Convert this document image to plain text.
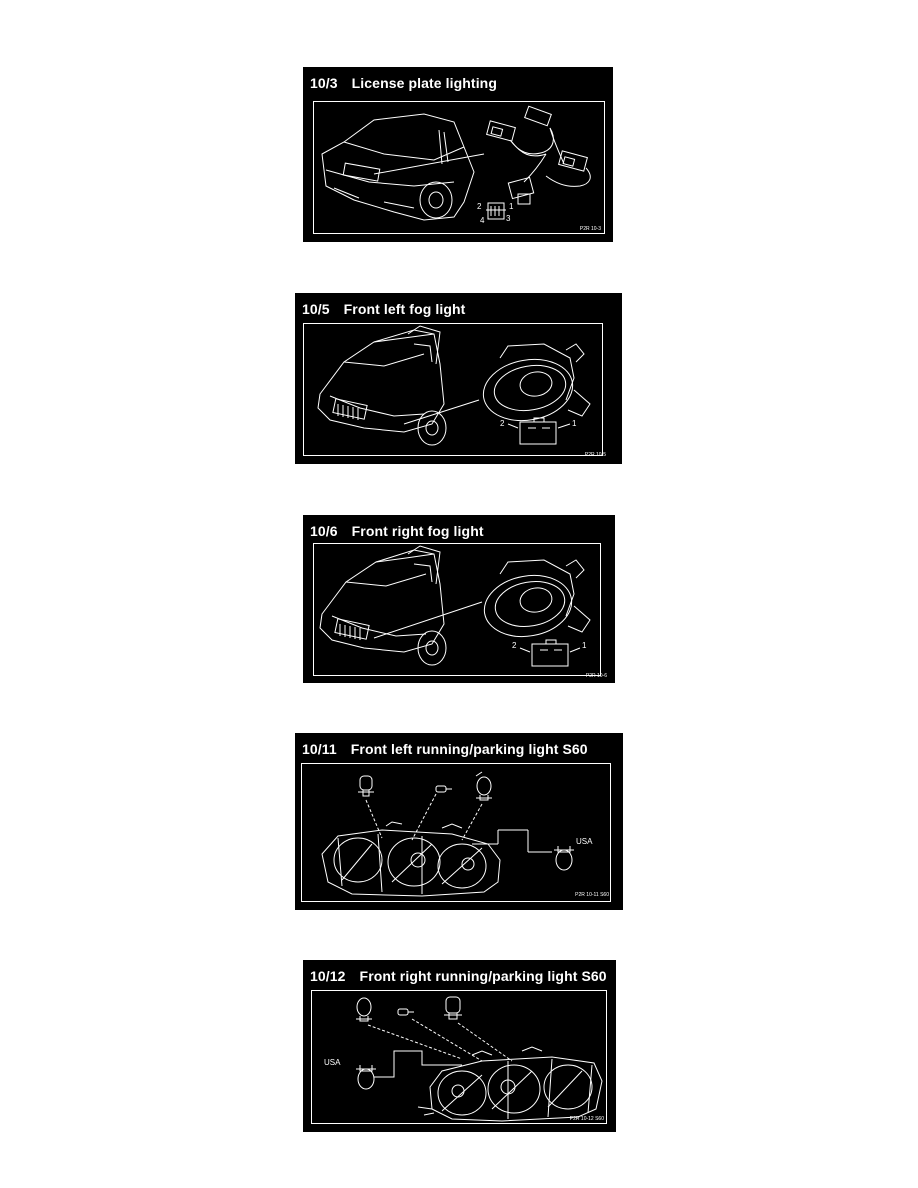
10/3 License plate lighting
2	1
4	3
P2R 10-3
10/5 Front left fog light
2	1
P2R 10-5
10/6 Front right fog light
2	1
P2R 10-6
10/11 Front left running/parking light S60
USA
P2R 10-11 S60
10/12 Front right running/parking light S60
USA
P2R 10-12 S60
